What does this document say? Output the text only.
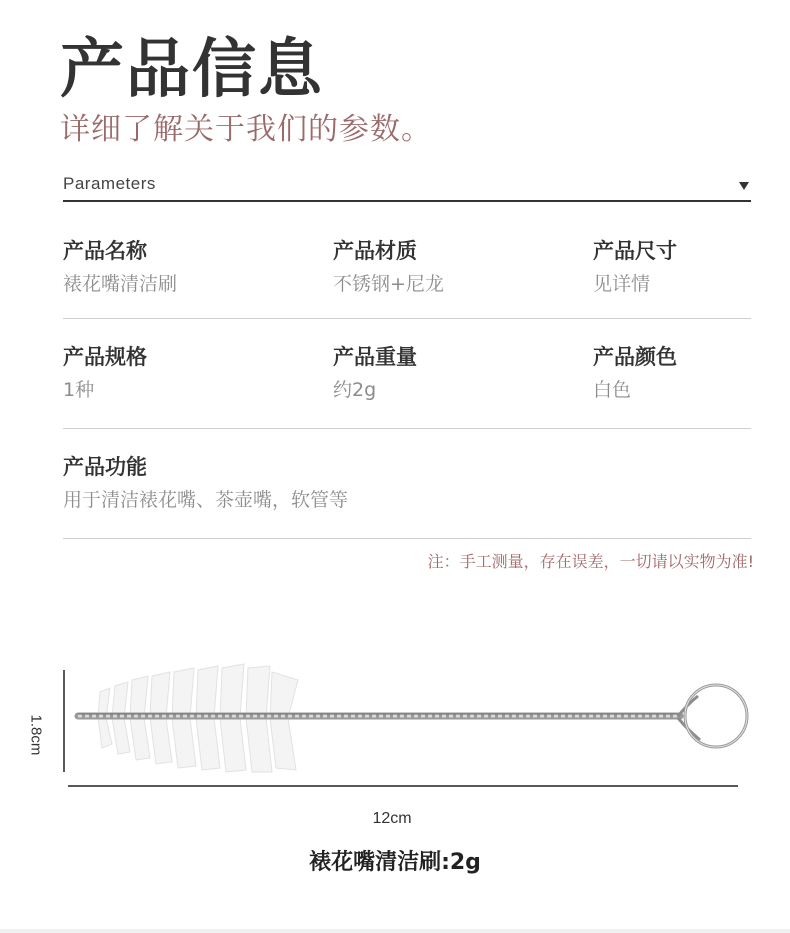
产品信息
详细了解关于我们的参数。
Parameters
产品名称
裱花嘴清洁刷
产品材质
不锈钢+尼龙
产品尺寸
见详情
产品规格
1种
产品重量
约2g
产品颜色
白色
产品功能
用于清洁裱花嘴、茶壶嘴，软管等
注：手工测量，存在误差，一切请以实物为准!
1.8cm
12cm
裱花嘴清洁刷:2g
